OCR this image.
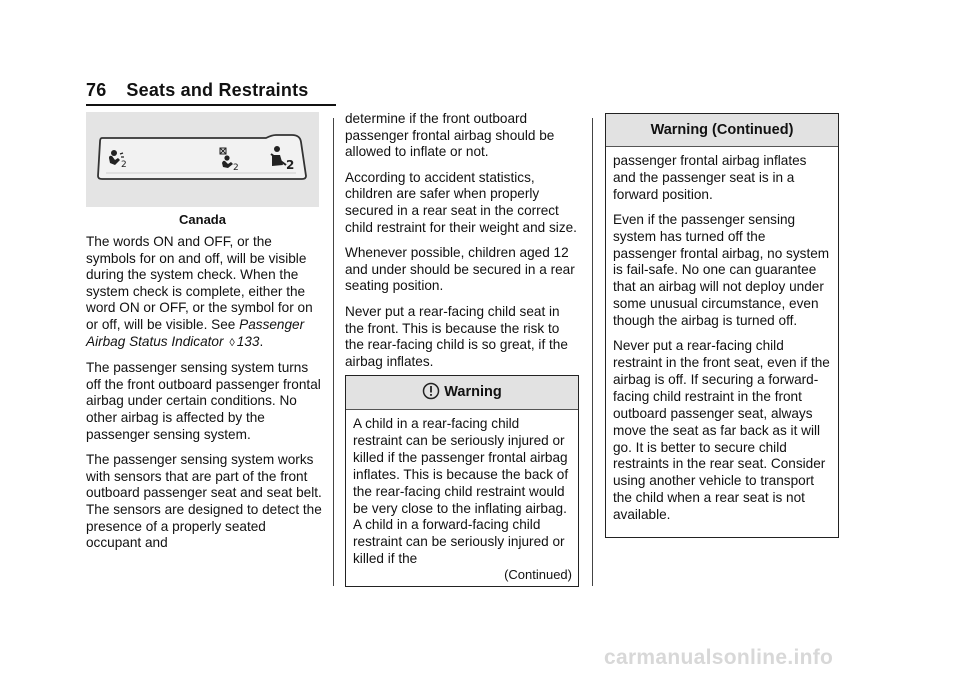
76 Seats and Restraints
2	2	2
Canada

The words ON and OFF, or the symbols for on and off, will be visible during the system check. When the system check is complete, either the word ON or OFF, or the symbol for on or off, will be visible. See Passenger Airbag Status Indicator ◊ 133.

The passenger sensing system turns off the front outboard passenger frontal airbag under certain conditions. No other airbag is affected by the passenger sensing system.

The passenger sensing system works with sensors that are part of the front outboard passenger seat and seat belt. The sensors are designed to detect the presence of a properly seated occupant and

determine if the front outboard passenger frontal airbag should be allowed to inflate or not.

According to accident statistics, children are safer when properly secured in a rear seat in the correct child restraint for their weight and size.

Whenever possible, children aged 12 and under should be secured in a rear seating position.

Never put a rear-facing child seat in the front. This is because the risk to the rear-facing child is so great, if the airbag inflates.

Warning
A child in a rear-facing child restraint can be seriously injured or killed if the passenger frontal airbag inflates. This is because the back of the rear-facing child restraint would be very close to the inflating airbag. A child in a forward-facing child restraint can be seriously injured or killed if the
(Continued)
Warning (Continued)

passenger frontal airbag inflates and the passenger seat is in a forward position.

Even if the passenger sensing system has turned off the passenger frontal airbag, no system is fail-safe. No one can guarantee that an airbag will not deploy under some unusual circumstance, even though the airbag is turned off.

Never put a rear-facing child restraint in the front seat, even if the airbag is off. If securing a forward-facing child restraint in the front outboard passenger seat, always move the seat as far back as it will go. It is better to secure child restraints in the rear seat. Consider using another vehicle to transport the child when a rear seat is not available.

carmanualsonline.info
